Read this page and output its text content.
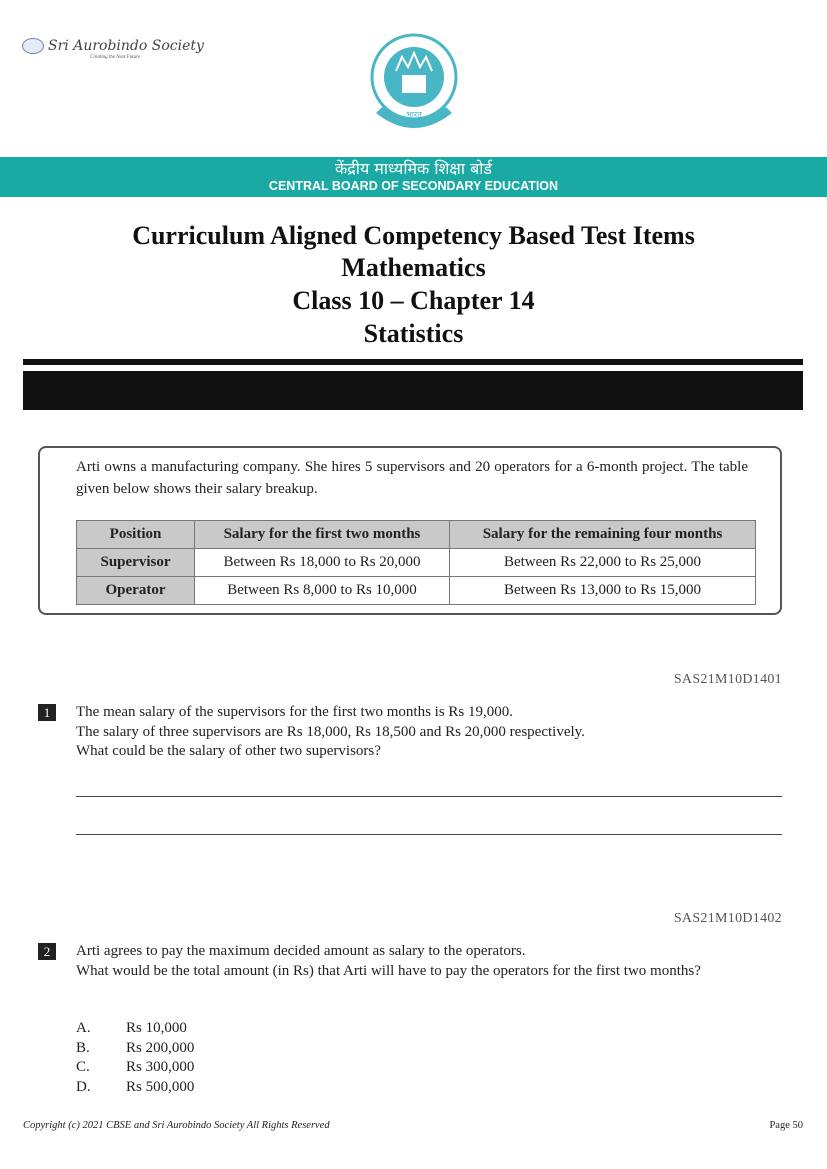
Sri Aurobindo Society
Creating the Next Future
भारत
केंद्रीय माध्यमिक शिक्षा बोर्ड
CENTRAL BOARD OF SECONDARY EDUCATION
Curriculum Aligned Competency Based Test Items
Mathematics
Class 10 – Chapter 14
Statistics
Arti owns a manufacturing company. She hires 5 supervisors and 20 operators for a 6-month project. The table given below shows their salary breakup.
Position	Salary for the first two months	Salary for the remaining four months
Supervisor	Between Rs 18,000 to Rs 20,000	Between Rs 22,000 to Rs 25,000
Operator	Between Rs 8,000 to Rs 10,000	Between Rs 13,000 to Rs 15,000
SAS21M10D1401
1	The mean salary of the supervisors for the first two months is Rs 19,000.
The salary of three supervisors are Rs 18,000, Rs 18,500 and Rs 20,000 respectively.
What could be the salary of other two supervisors?
SAS21M10D1402
2	Arti agrees to pay the maximum decided amount as salary to the operators.
What would be the total amount (in Rs) that Arti will have to pay the operators for the first two months?
A. Rs 10,000
B. Rs 200,000
C. Rs 300,000
D. Rs 500,000
Copyright (c) 2021 CBSE and Sri Aurobindo Society All Rights Reserved	Page 50
